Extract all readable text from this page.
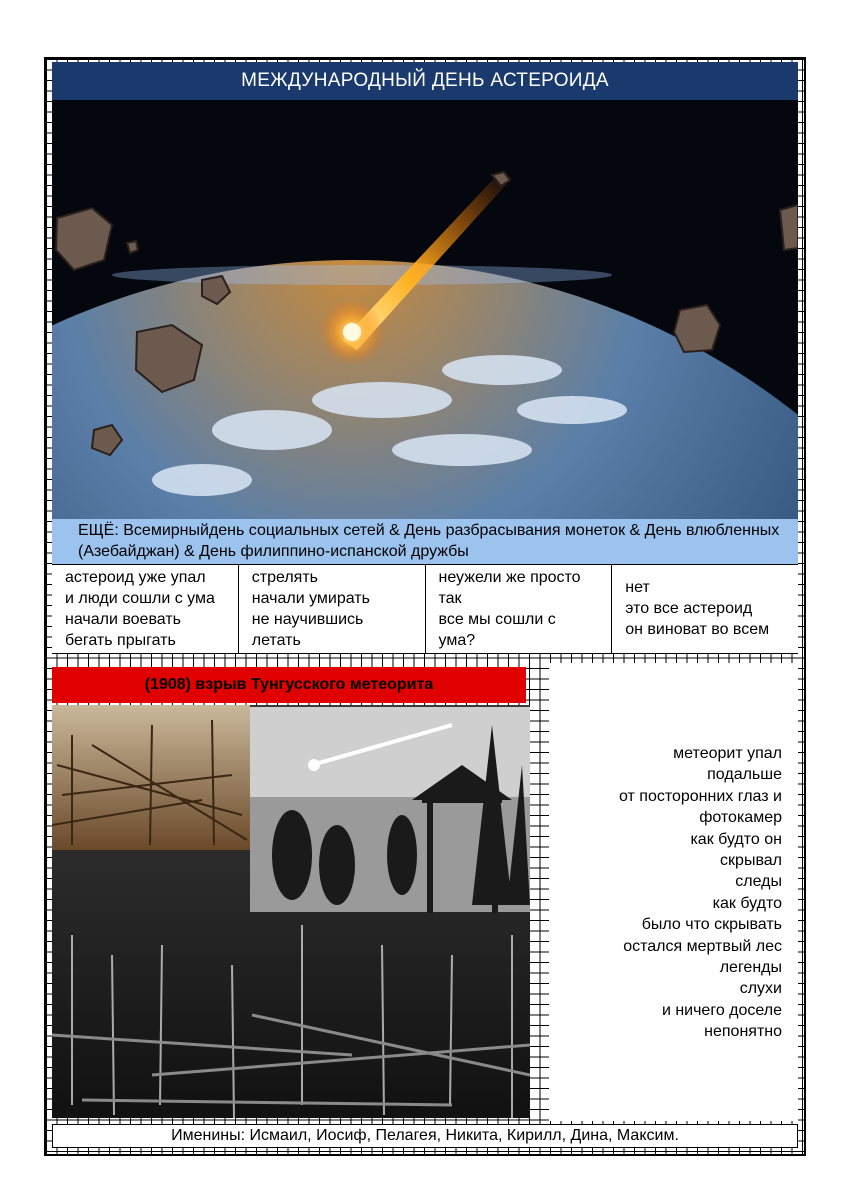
МЕЖДУНАРОДНЫЙ ДЕНЬ АСТЕРОИДА
ЕЩЁ: Всемирныйдень социальных сетей & День разбрасывания монеток & День влюбленных (Азебайджан) & День филиппино-испанской дружбы
астероид уже упал
и люди сошли с ума
начали воевать
бегать прыгать
стрелять
начали умирать
не научившись
летать
неужели же просто
так
все мы сошли с
ума?
нет
это все астероид
он виноват во всем
(1908) взрыв Тунгусского метеорита
метеорит упал
подальше
от посторонних глаз и
фотокамер
как будто он
скрывал
следы
как будто
было что скрывать
остался мертвый лес
легенды
слухи
и ничего доселе
непонятно
Именины: Исмаил, Иосиф, Пелагея, Никита, Кирилл, Дина, Максим.
